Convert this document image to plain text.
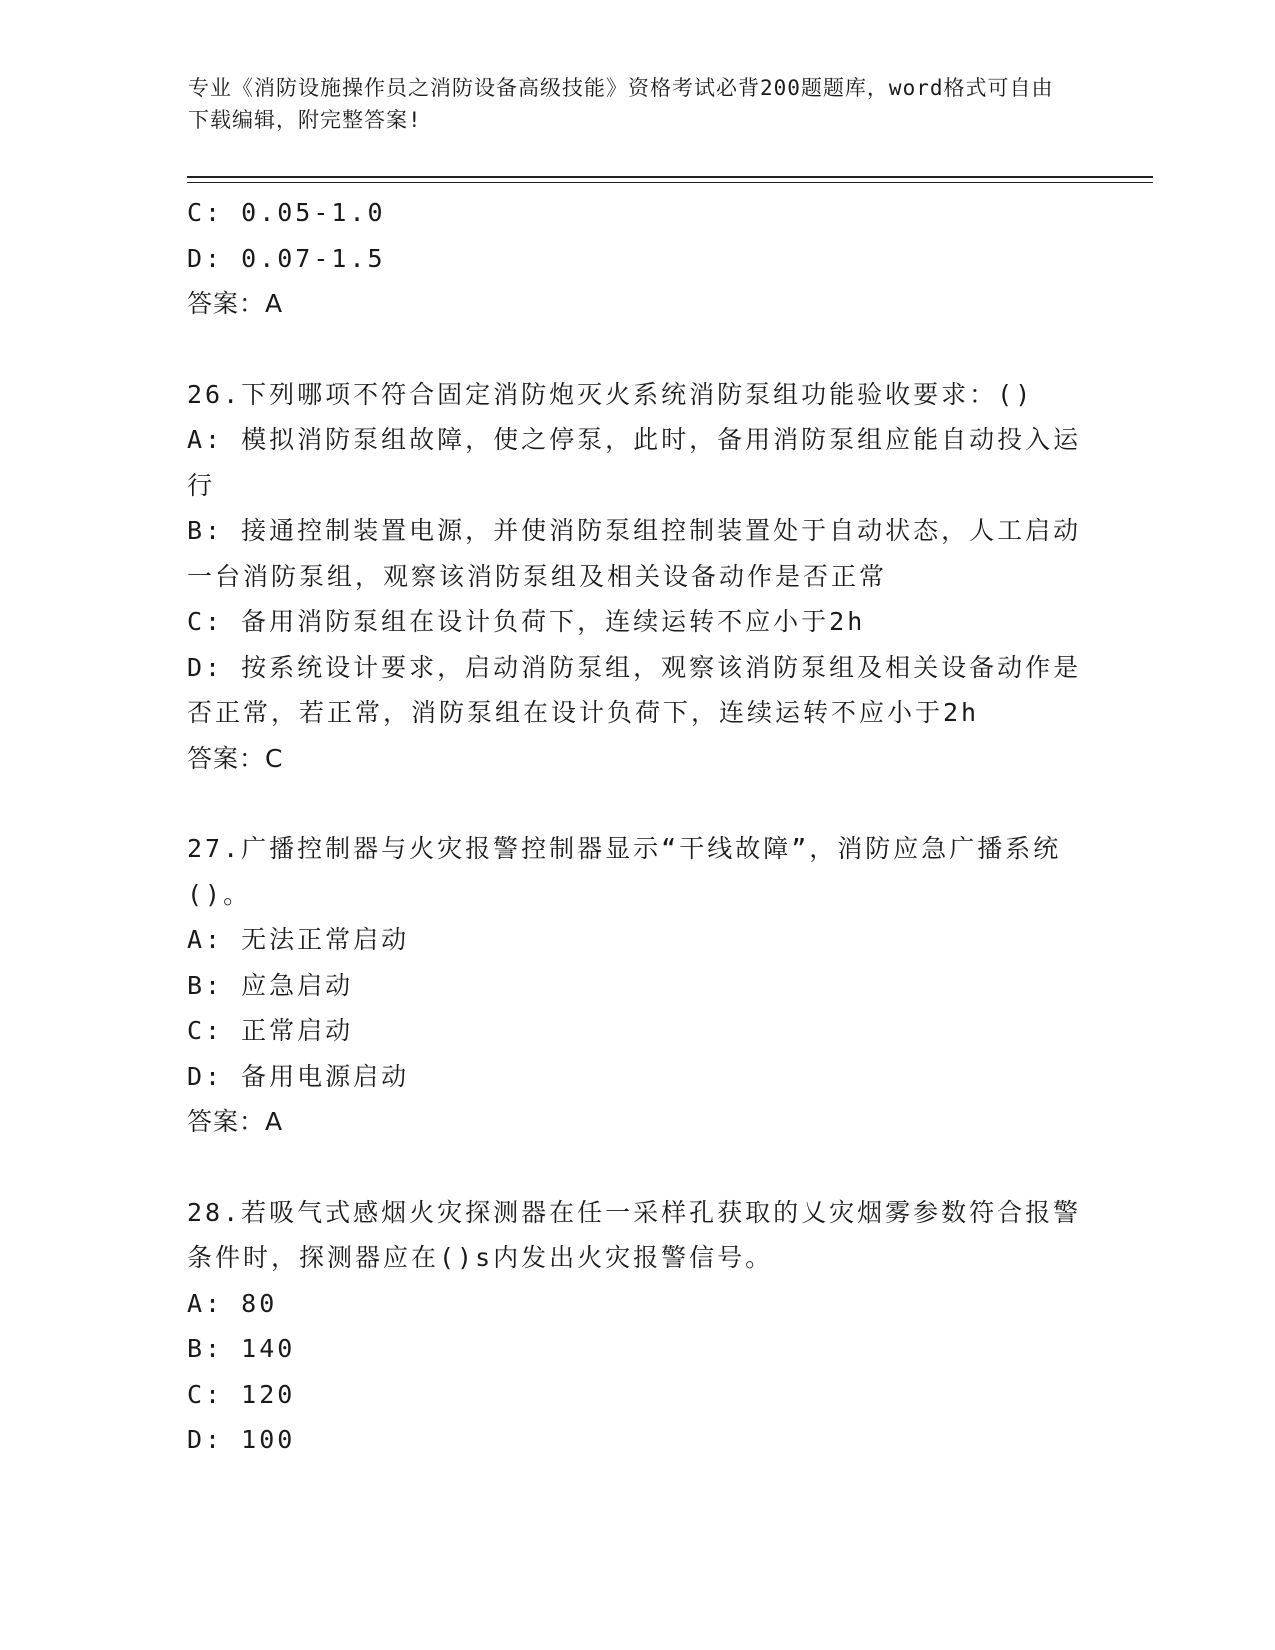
专业《消防设施操作员之消防设备高级技能》资格考试必背200题题库，word格式可自由下载编辑，附完整答案!
C: 0.05-1.0
D: 0.07-1.5
答案：A
26.下列哪项不符合固定消防炮灭火系统消防泵组功能验收要求：()
A: 模拟消防泵组故障，使之停泵，此时，备用消防泵组应能自动投入运行
B: 接通控制装置电源，并使消防泵组控制装置处于自动状态，人工启动一台消防泵组，观察该消防泵组及相关设备动作是否正常
C: 备用消防泵组在设计负荷下，连续运转不应小于2h
D: 按系统设计要求，启动消防泵组，观察该消防泵组及相关设备动作是否正常，若正常，消防泵组在设计负荷下，连续运转不应小于2h
答案：C
27.广播控制器与火灾报警控制器显示“干线故障”，消防应急广播系统()。
A: 无法正常启动
B: 应急启动
C: 正常启动
D: 备用电源启动
答案：A
28.若吸气式感烟火灾探测器在任一采样孔获取的乂灾烟雾参数符合报警条件时，探测器应在()s内发出火灾报警信号。
A: 80
B: 140
C: 120
D: 100
